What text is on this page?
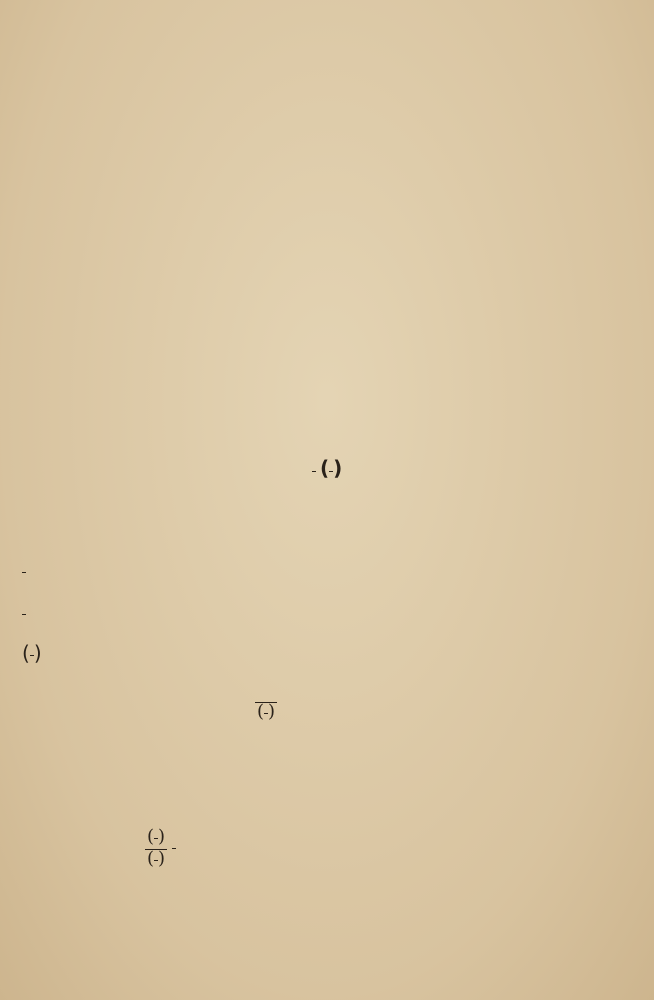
( )
( )
( )
$\frac{( )}{( )}$
